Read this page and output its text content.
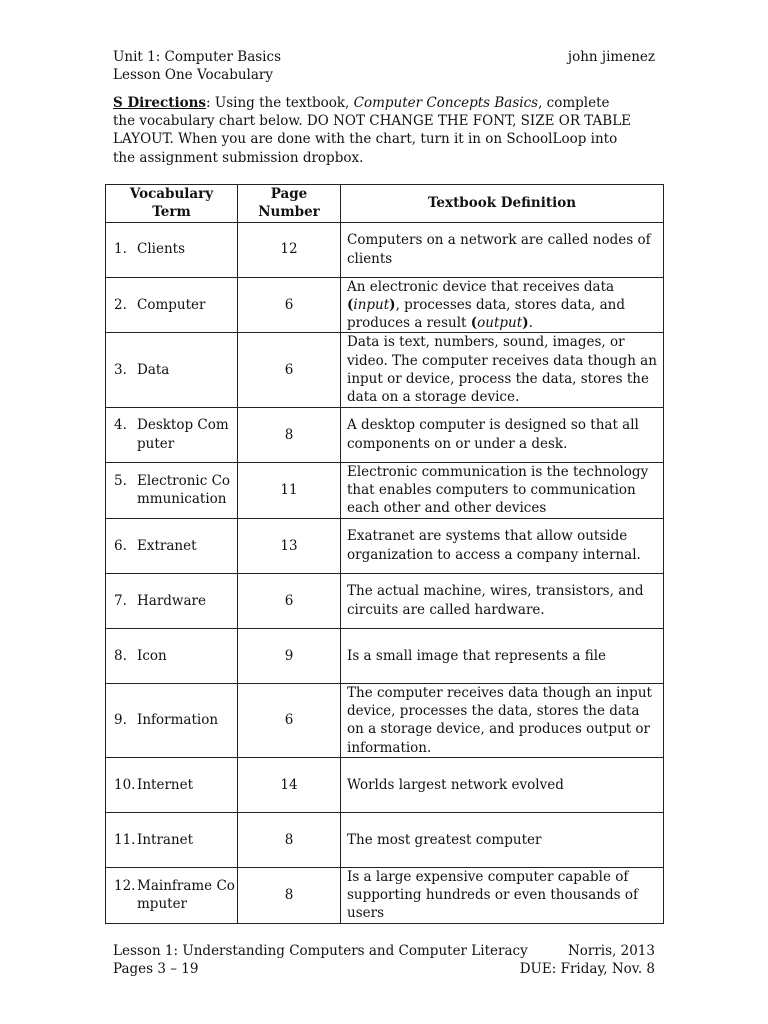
Unit 1: Computer Basics
Lesson One Vocabulary
john jimenez
S Directions: Using the textbook, Computer Concepts Basics, complete the vocabulary chart below. DO NOT CHANGE THE FONT, SIZE OR TABLE LAYOUT. When you are done with the chart, turn it in on SchoolLoop into the assignment submission dropbox.
Vocabulary Term	Page Number	Textbook Definition

1. Clients	12	Computers on a network are called nodes of clients

2. Computer	6	An electronic device that receives data (input), processes data, stores data, and produces a result (output).

3. Data	6	Data is text, numbers, sound, images, or video. The computer receives data though an input or device, process the data, stores the data on a storage device.

4. Desktop Computer	8	A desktop computer is designed so that all components on or under a desk.

5. Electronic Communication	11	Electronic communication is the technology that enables computers to communication each other and other devices

6. Extranet	13	Exatranet are systems that allow outside organization to access a company internal.

7. Hardware	6	The actual machine, wires, transistors, and circuits are called hardware.

8. Icon	9	Is a small image that represents a file

9. Information	6	The computer receives data though an input device, processes the data, stores the data on a storage device, and produces output or information.

10. Internet	14	Worlds largest network evolved

11. Intranet	8	The most greatest computer

12. Mainframe Computer	8	Is a large expensive computer capable of supporting hundreds or even thousands of users
Lesson 1: Understanding Computers and Computer Literacy
Pages 3 – 19
Norris, 2013
DUE: Friday, Nov. 8
